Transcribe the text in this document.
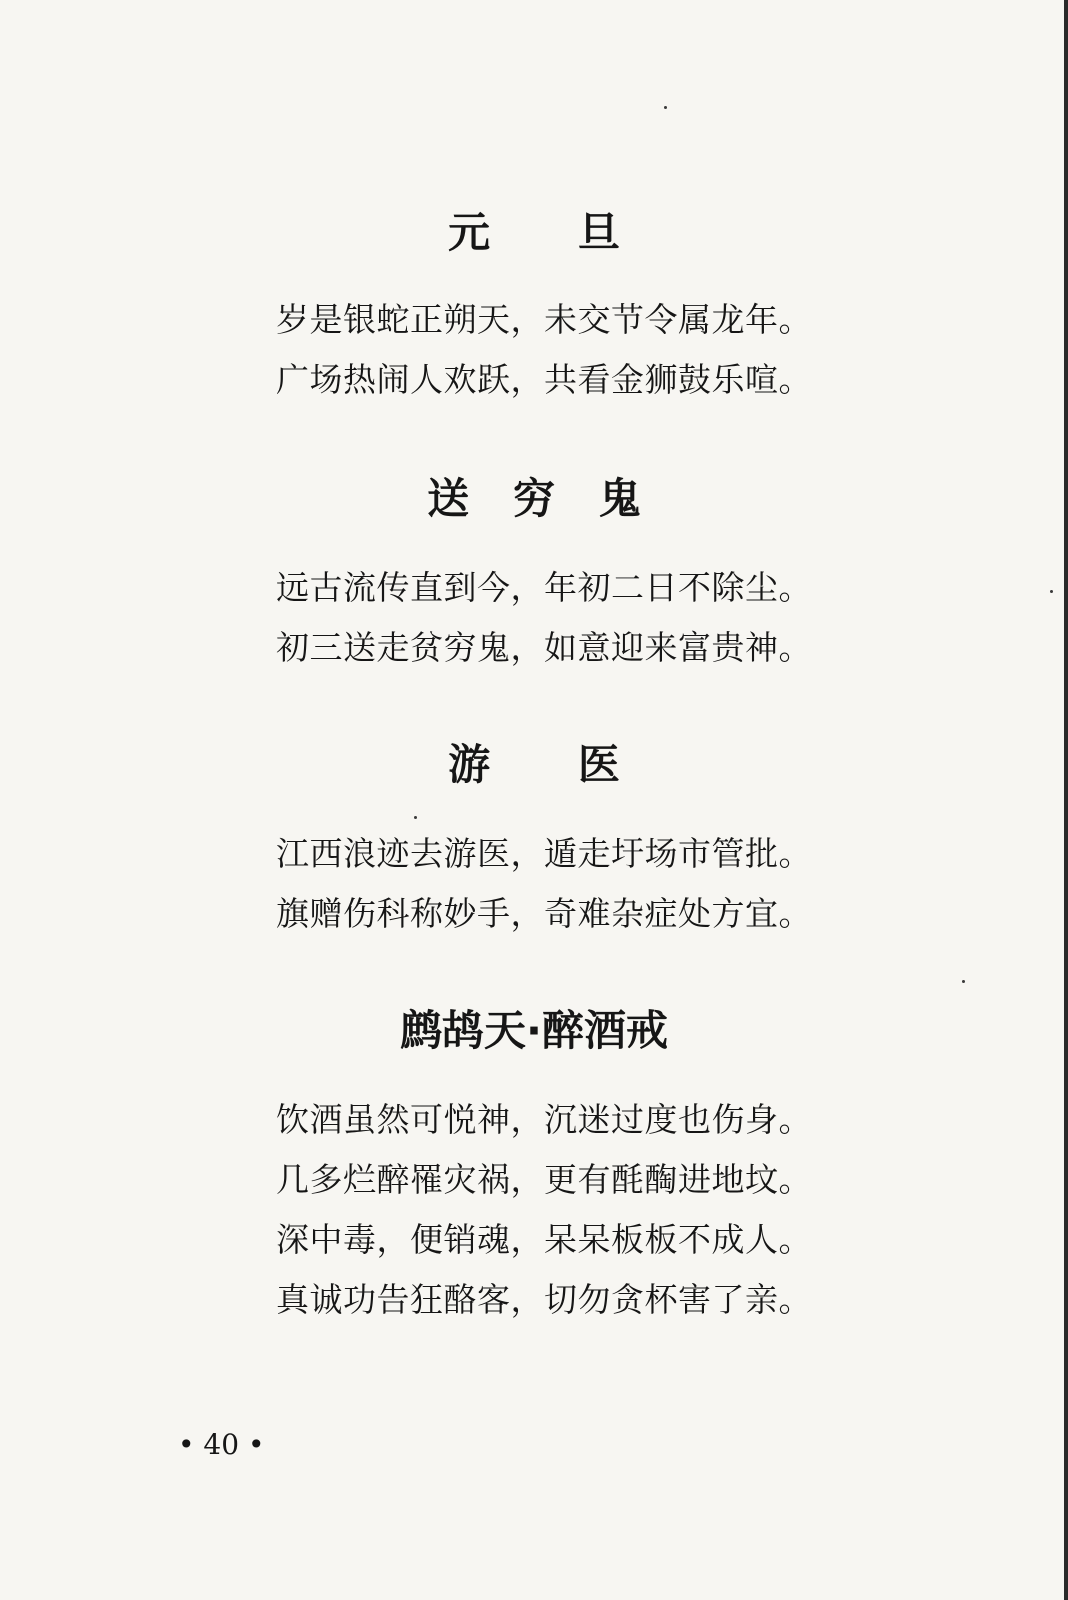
元      旦
岁是银蛇正朔天，未交节令属龙年。
广场热闹人欢跃，共看金狮鼓乐喧。
送   穷   鬼
远古流传直到今，年初二日不除尘。
初三送走贫穷鬼，如意迎来富贵神。
游      医
江西浪迹去游医，遁走圩场市管批。
旗赠伤科称妙手，奇难杂症处方宜。
鹧鸪天·醉酒戒
饮酒虽然可悦神，沉迷过度也伤身。
几多烂醉罹灾祸，更有酕醄进地坟。
深中毒，便销魂，呆呆板板不成人。
真诚功告狂酪客，切勿贪杯害了亲。
• 40 •
